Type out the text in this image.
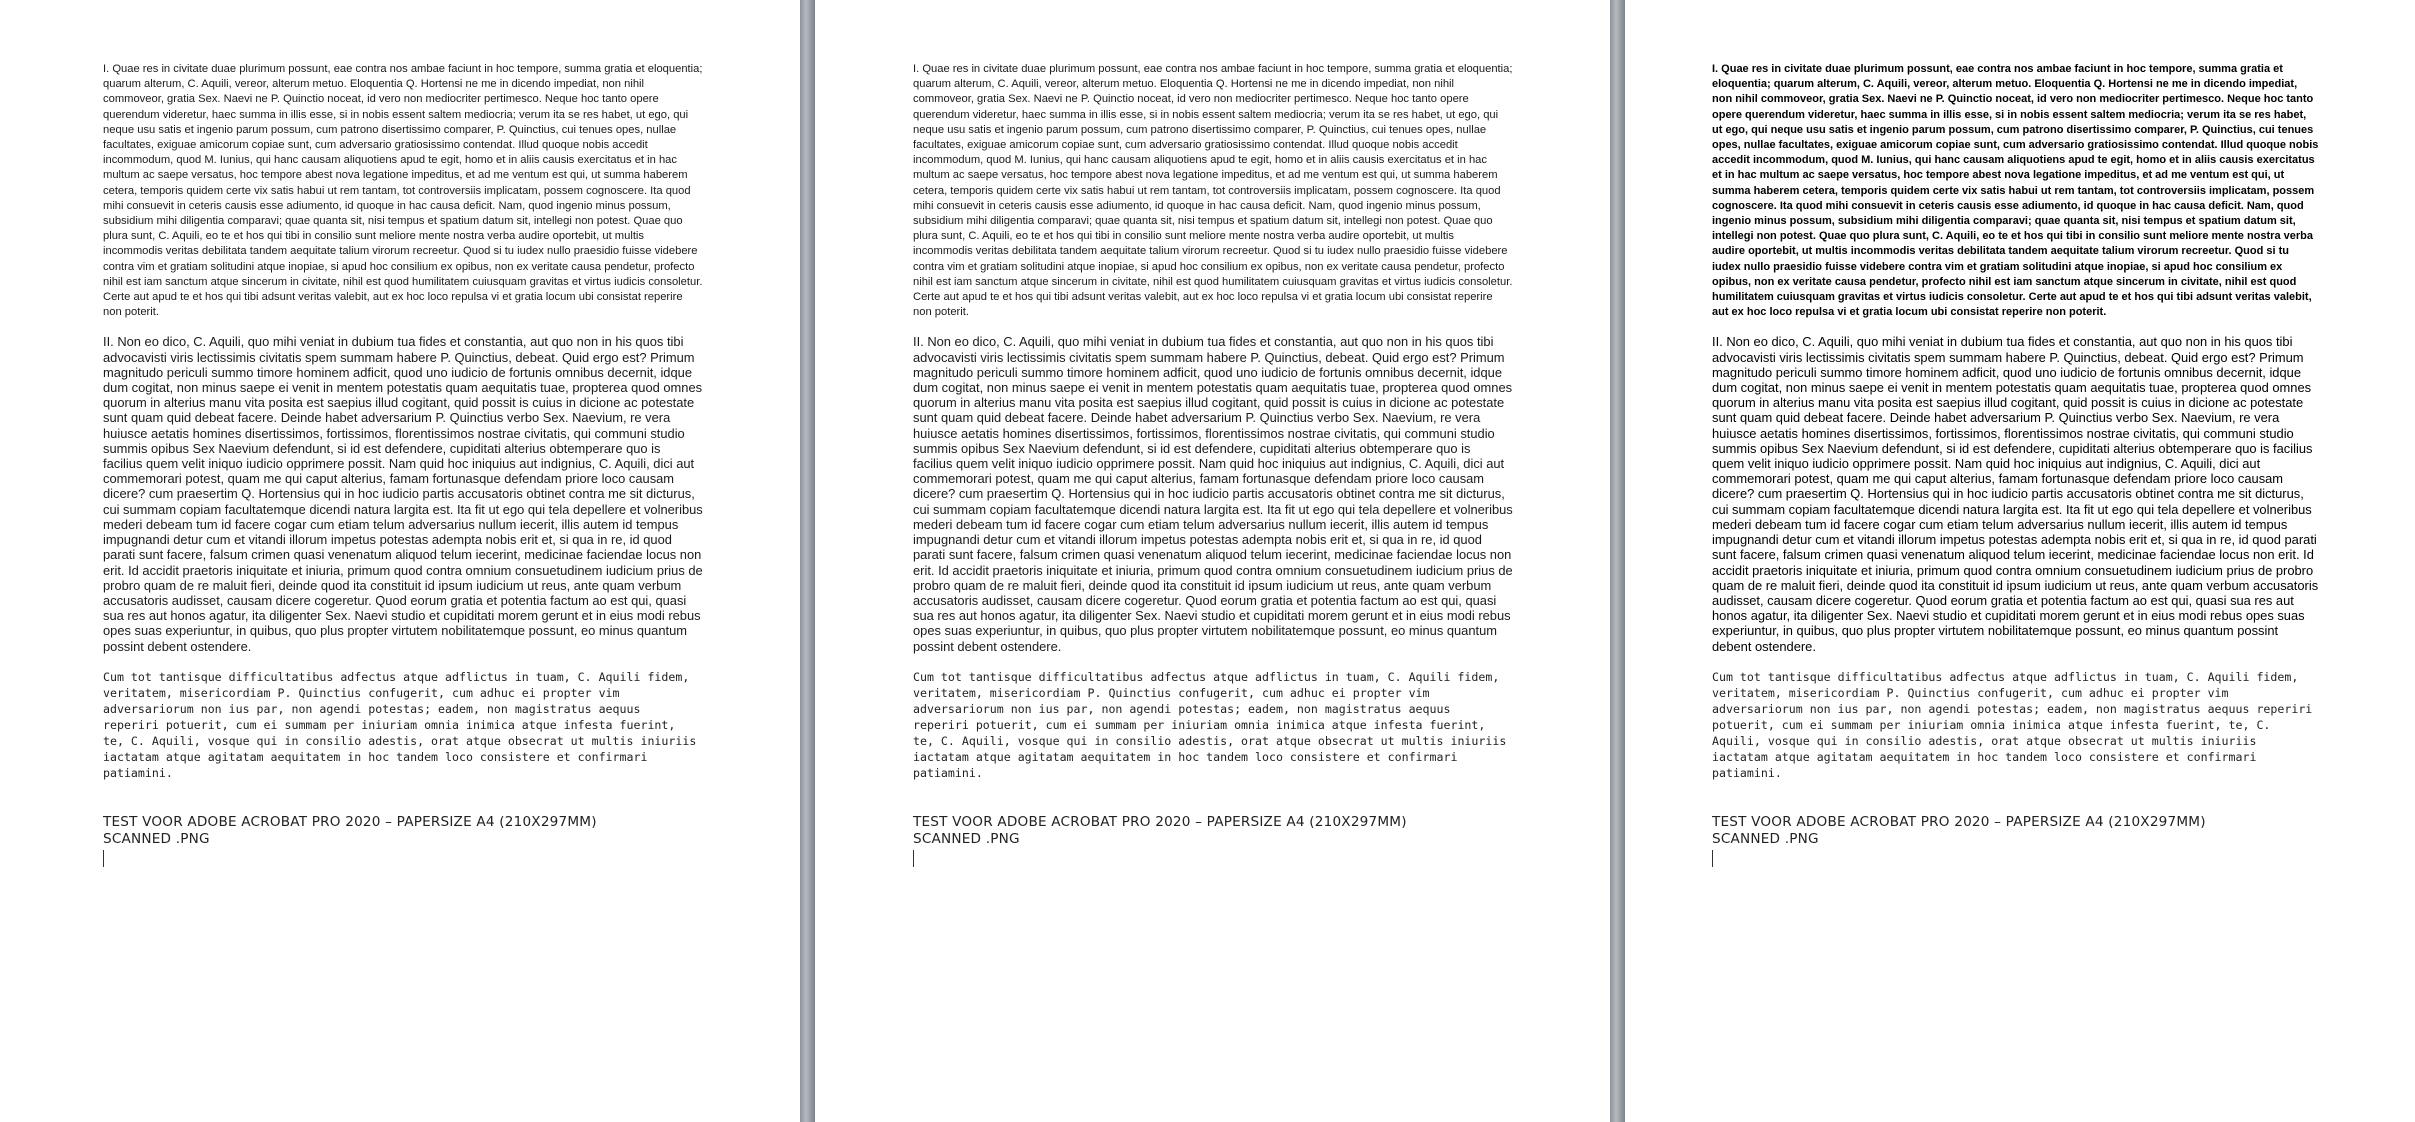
I. Quae res in civitate duae plurimum possunt, eae contra nos ambae faciunt in hoc tempore, summa gratia et eloquentia; quarum alterum, C. Aquili, vereor, alterum metuo. Eloquentia Q. Hortensi ne me in dicendo impediat, non nihil commoveor, gratia Sex. Naevi ne P. Quinctio noceat, id vero non mediocriter pertimesco. Neque hoc tanto opere querendum videretur, haec summa in illis esse, si in nobis essent saltem mediocria; verum ita se res habet, ut ego, qui neque usu satis et ingenio parum possum, cum patrono disertissimo comparer, P. Quinctius, cui tenues opes, nullae facultates, exiguae amicorum copiae sunt, cum adversario gratiosissimo contendat. Illud quoque nobis accedit incommodum, quod M. Iunius, qui hanc causam aliquotiens apud te egit, homo et in aliis causis exercitatus et in hac multum ac saepe versatus, hoc tempore abest nova legatione impeditus, et ad me ventum est qui, ut summa haberem cetera, temporis quidem certe vix satis habui ut rem tantam, tot controversiis implicatam, possem cognoscere. Ita quod mihi consuevit in ceteris causis esse adiumento, id quoque in hac causa deficit. Nam, quod ingenio minus possum, subsidium mihi diligentia comparavi; quae quanta sit, nisi tempus et spatium datum sit, intellegi non potest. Quae quo plura sunt, C. Aquili, eo te et hos qui tibi in consilio sunt meliore mente nostra verba audire oportebit, ut multis incommodis veritas debilitata tandem aequitate talium virorum recreetur. Quod si tu iudex nullo praesidio fuisse videbere contra vim et gratiam solitudini atque inopiae, si apud hoc consilium ex opibus, non ex veritate causa pendetur, profecto nihil est iam sanctum atque sincerum in civitate, nihil est quod humilitatem cuiusquam gravitas et virtus iudicis consoletur. Certe aut apud te et hos qui tibi adsunt veritas valebit, aut ex hoc loco repulsa vi et gratia locum ubi consistat reperire non poterit.

II. Non eo dico, C. Aquili, quo mihi veniat in dubium tua fides et constantia, aut quo non in his quos tibi advocavisti viris lectissimis civitatis spem summam habere P. Quinctius, debeat. Quid ergo est? Primum magnitudo periculi summo timore hominem adficit, quod uno iudicio de fortunis omnibus decernit, idque dum cogitat, non minus saepe ei venit in mentem potestatis quam aequitatis tuae, propterea quod omnes quorum in alterius manu vita posita est saepius illud cogitant, quid possit is cuius in dicione ac potestate sunt quam quid debeat facere. Deinde habet adversarium P. Quinctius verbo Sex. Naevium, re vera huiusce aetatis homines disertissimos, fortissimos, florentissimos nostrae civitatis, qui communi studio summis opibus Sex Naevium defendunt, si id est defendere, cupiditati alterius obtemperare quo is facilius quem velit iniquo iudicio opprimere possit. Nam quid hoc iniquius aut indignius, C. Aquili, dici aut commemorari potest, quam me qui caput alterius, famam fortunasque defendam priore loco causam dicere? cum praesertim Q. Hortensius qui in hoc iudicio partis accusatoris obtinet contra me sit dicturus, cui summam copiam facultatemque dicendi natura largita est. Ita fit ut ego qui tela depellere et volneribus mederi debeam tum id facere cogar cum etiam telum adversarius nullum iecerit, illis autem id tempus impugnandi detur cum et vitandi illorum impetus potestas adempta nobis erit et, si qua in re, id quod parati sunt facere, falsum crimen quasi venenatum aliquod telum iecerint, medicinae faciendae locus non erit. Id accidit praetoris iniquitate et iniuria, primum quod contra omnium consuetudinem iudicium prius de probro quam de re maluit fieri, deinde quod ita constituit id ipsum iudicium ut reus, ante quam verbum accusatoris audisset, causam dicere cogeretur. Quod eorum gratia et potentia factum ao est qui, quasi sua res aut honos agatur, ita diligenter Sex. Naevi studio et cupiditati morem gerunt et in eius modi rebus opes suas experiuntur, in quibus, quo plus propter virtutem nobilitatemque possunt, eo minus quantum possint debent ostendere.

Cum tot tantisque difficultatibus adfectus atque adflictus in tuam, C. Aquili fidem, veritatem, misericordiam P. Quinctius confugerit, cum adhuc ei propter vim adversariorum non ius par, non agendi potestas; eadem, non magistratus aequus reperiri potuerit, cum ei summam per iniuriam omnia inimica atque infesta fuerint, te, C. Aquili, vosque qui in consilio adestis, orat atque obsecrat ut multis iniuriis iactatam atque agitatam aequitatem in hoc tandem loco consistere et confirmari patiamini.

TEST VOOR ADOBE ACROBAT PRO 2020 – PAPERSIZE A4 (210X297MM)
SCANNED .PNG

I. Quae res in civitate duae plurimum possunt, eae contra nos ambae faciunt in hoc tempore, summa gratia et eloquentia; quarum alterum, C. Aquili, vereor, alterum metuo. Eloquentia Q. Hortensi ne me in dicendo impediat, non nihil commoveor, gratia Sex. Naevi ne P. Quinctio noceat, id vero non mediocriter pertimesco. Neque hoc tanto opere querendum videretur, haec summa in illis esse, si in nobis essent saltem mediocria; verum ita se res habet, ut ego, qui neque usu satis et ingenio parum possum, cum patrono disertissimo comparer, P. Quinctius, cui tenues opes, nullae facultates, exiguae amicorum copiae sunt, cum adversario gratiosissimo contendat. Illud quoque nobis accedit incommodum, quod M. Iunius, qui hanc causam aliquotiens apud te egit, homo et in aliis causis exercitatus et in hac multum ac saepe versatus, hoc tempore abest nova legatione impeditus, et ad me ventum est qui, ut summa haberem cetera, temporis quidem certe vix satis habui ut rem tantam, tot controversiis implicatam, possem cognoscere. Ita quod mihi consuevit in ceteris causis esse adiumento, id quoque in hac causa deficit. Nam, quod ingenio minus possum, subsidium mihi diligentia comparavi; quae quanta sit, nisi tempus et spatium datum sit, intellegi non potest. Quae quo plura sunt, C. Aquili, eo te et hos qui tibi in consilio sunt meliore mente nostra verba audire oportebit, ut multis incommodis veritas debilitata tandem aequitate talium virorum recreetur. Quod si tu iudex nullo praesidio fuisse videbere contra vim et gratiam solitudini atque inopiae, si apud hoc consilium ex opibus, non ex veritate causa pendetur, profecto nihil est iam sanctum atque sincerum in civitate, nihil est quod humilitatem cuiusquam gravitas et virtus iudicis consoletur. Certe aut apud te et hos qui tibi adsunt veritas valebit, aut ex hoc loco repulsa vi et gratia locum ubi consistat reperire non poterit.

II. Non eo dico, C. Aquili, quo mihi veniat in dubium tua fides et constantia, aut quo non in his quos tibi advocavisti viris lectissimis civitatis spem summam habere P. Quinctius, debeat. Quid ergo est? Primum magnitudo periculi summo timore hominem adficit, quod uno iudicio de fortunis omnibus decernit, idque dum cogitat, non minus saepe ei venit in mentem potestatis quam aequitatis tuae, propterea quod omnes quorum in alterius manu vita posita est saepius illud cogitant, quid possit is cuius in dicione ac potestate sunt quam quid debeat facere. Deinde habet adversarium P. Quinctius verbo Sex. Naevium, re vera huiusce aetatis homines disertissimos, fortissimos, florentissimos nostrae civitatis, qui communi studio summis opibus Sex Naevium defendunt, si id est defendere, cupiditati alterius obtemperare quo is facilius quem velit iniquo iudicio opprimere possit. Nam quid hoc iniquius aut indignius, C. Aquili, dici aut commemorari potest, quam me qui caput alterius, famam fortunasque defendam priore loco causam dicere? cum praesertim Q. Hortensius qui in hoc iudicio partis accusatoris obtinet contra me sit dicturus, cui summam copiam facultatemque dicendi natura largita est. Ita fit ut ego qui tela depellere et volneribus mederi debeam tum id facere cogar cum etiam telum adversarius nullum iecerit, illis autem id tempus impugnandi detur cum et vitandi illorum impetus potestas adempta nobis erit et, si qua in re, id quod parati sunt facere, falsum crimen quasi venenatum aliquod telum iecerint, medicinae faciendae locus non erit. Id accidit praetoris iniquitate et iniuria, primum quod contra omnium consuetudinem iudicium prius de probro quam de re maluit fieri, deinde quod ita constituit id ipsum iudicium ut reus, ante quam verbum accusatoris audisset, causam dicere cogeretur. Quod eorum gratia et potentia factum ao est qui, quasi sua res aut honos agatur, ita diligenter Sex. Naevi studio et cupiditati morem gerunt et in eius modi rebus opes suas experiuntur, in quibus, quo plus propter virtutem nobilitatemque possunt, eo minus quantum possint debent ostendere.

Cum tot tantisque difficultatibus adfectus atque adflictus in tuam, C. Aquili fidem, veritatem, misericordiam P. Quinctius confugerit, cum adhuc ei propter vim adversariorum non ius par, non agendi potestas; eadem, non magistratus aequus reperiri potuerit, cum ei summam per iniuriam omnia inimica atque infesta fuerint, te, C. Aquili, vosque qui in consilio adestis, orat atque obsecrat ut multis iniuriis iactatam atque agitatam aequitatem in hoc tandem loco consistere et confirmari patiamini.

TEST VOOR ADOBE ACROBAT PRO 2020 – PAPERSIZE A4 (210X297MM)
SCANNED .PNG

I. Quae res in civitate duae plurimum possunt, eae contra nos ambae faciunt in hoc tempore, summa gratia et eloquentia; quarum alterum, C. Aquili, vereor, alterum metuo. Eloquentia Q. Hortensi ne me in dicendo impediat, non nihil commoveor, gratia Sex. Naevi ne P. Quinctio noceat, id vero non mediocriter pertimesco. Neque hoc tanto opere querendum videretur, haec summa in illis esse, si in nobis essent saltem mediocria; verum ita se res habet, ut ego, qui neque usu satis et ingenio parum possum, cum patrono disertissimo comparer, P. Quinctius, cui tenues opes, nullae facultates, exiguae amicorum copiae sunt, cum adversario gratiosissimo contendat. Illud quoque nobis accedit incommodum, quod M. Iunius, qui hanc causam aliquotiens apud te egit, homo et in aliis causis exercitatus et in hac multum ac saepe versatus, hoc tempore abest nova legatione impeditus, et ad me ventum est qui, ut summa haberem cetera, temporis quidem certe vix satis habui ut rem tantam, tot controversiis implicatam, possem cognoscere. Ita quod mihi consuevit in ceteris causis esse adiumento, id quoque in hac causa deficit. Nam, quod ingenio minus possum, subsidium mihi diligentia comparavi; quae quanta sit, nisi tempus et spatium datum sit, intellegi non potest. Quae quo plura sunt, C. Aquili, eo te et hos qui tibi in consilio sunt meliore mente nostra verba audire oportebit, ut multis incommodis veritas debilitata tandem aequitate talium virorum recreetur. Quod si tu iudex nullo praesidio fuisse videbere contra vim et gratiam solitudini atque inopiae, si apud hoc consilium ex opibus, non ex veritate causa pendetur, profecto nihil est iam sanctum atque sincerum in civitate, nihil est quod humilitatem cuiusquam gravitas et virtus iudicis consoletur. Certe aut apud te et hos qui tibi adsunt veritas valebit, aut ex hoc loco repulsa vi et gratia locum ubi consistat reperire non poterit.

II. Non eo dico, C. Aquili, quo mihi veniat in dubium tua fides et constantia, aut quo non in his quos tibi advocavisti viris lectissimis civitatis spem summam habere P. Quinctius, debeat. Quid ergo est? Primum magnitudo periculi summo timore hominem adficit, quod uno iudicio de fortunis omnibus decernit, idque dum cogitat, non minus saepe ei venit in mentem potestatis quam aequitatis tuae, propterea quod omnes quorum in alterius manu vita posita est saepius illud cogitant, quid possit is cuius in dicione ac potestate sunt quam quid debeat facere. Deinde habet adversarium P. Quinctius verbo Sex. Naevium, re vera huiusce aetatis homines disertissimos, fortissimos, florentissimos nostrae civitatis, qui communi studio summis opibus Sex Naevium defendunt, si id est defendere, cupiditati alterius obtemperare quo is facilius quem velit iniquo iudicio opprimere possit. Nam quid hoc iniquius aut indignius, C. Aquili, dici aut commemorari potest, quam me qui caput alterius, famam fortunasque defendam priore loco causam dicere? cum praesertim Q. Hortensius qui in hoc iudicio partis accusatoris obtinet contra me sit dicturus, cui summam copiam facultatemque dicendi natura largita est. Ita fit ut ego qui tela depellere et volneribus mederi debeam tum id facere cogar cum etiam telum adversarius nullum iecerit, illis autem id tempus impugnandi detur cum et vitandi illorum impetus potestas adempta nobis erit et, si qua in re, id quod parati sunt facere, falsum crimen quasi venenatum aliquod telum iecerint, medicinae faciendae locus non erit. Id accidit praetoris iniquitate et iniuria, primum quod contra omnium consuetudinem iudicium prius de probro quam de re maluit fieri, deinde quod ita constituit id ipsum iudicium ut reus, ante quam verbum accusatoris audisset, causam dicere cogeretur. Quod eorum gratia et potentia factum ao est qui, quasi sua res aut honos agatur, ita diligenter Sex. Naevi studio et cupiditati morem gerunt et in eius modi rebus opes suas experiuntur, in quibus, quo plus propter virtutem nobilitatemque possunt, eo minus quantum possint debent ostendere.

Cum tot tantisque difficultatibus adfectus atque adflictus in tuam, C. Aquili fidem, veritatem, misericordiam P. Quinctius confugerit, cum adhuc ei propter vim adversariorum non ius par, non agendi potestas; eadem, non magistratus aequus reperiri potuerit, cum ei summam per iniuriam omnia inimica atque infesta fuerint, te, C. Aquili, vosque qui in consilio adestis, orat atque obsecrat ut multis iniuriis iactatam atque agitatam aequitatem in hoc tandem loco consistere et confirmari patiamini.

TEST VOOR ADOBE ACROBAT PRO 2020 – PAPERSIZE A4 (210X297MM)
SCANNED .PNG
